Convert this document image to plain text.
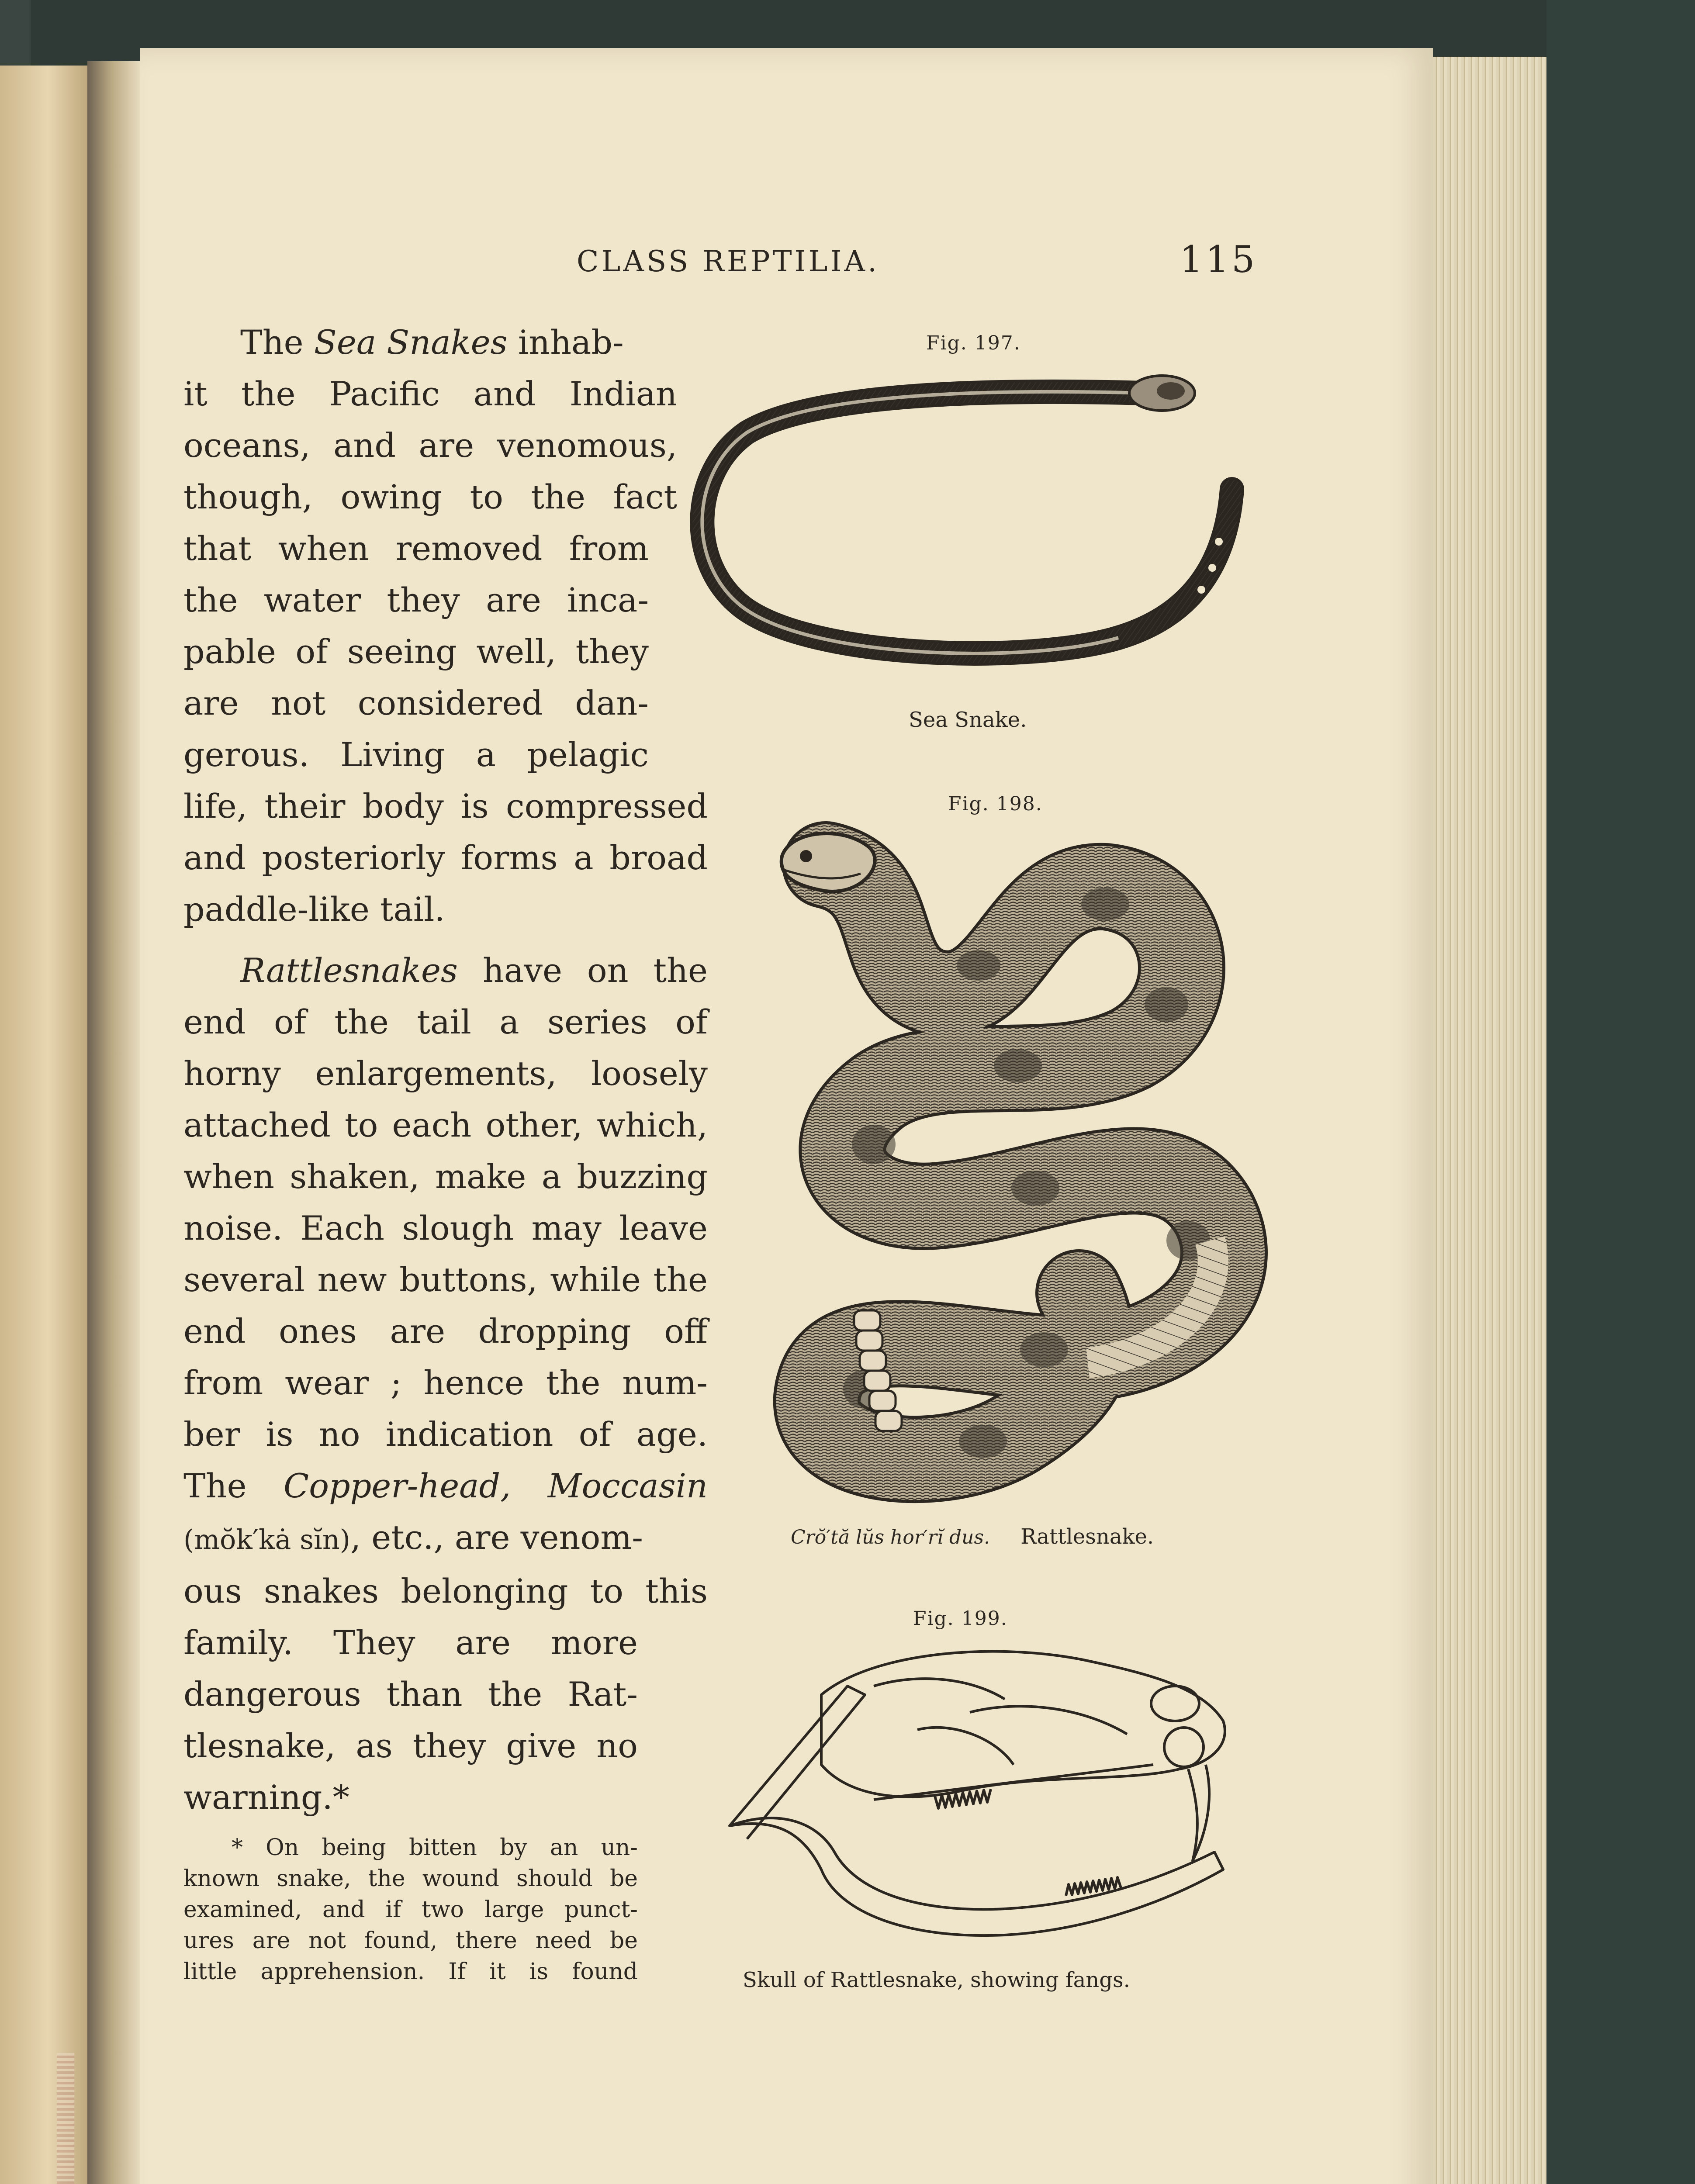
CLASS REPTILIA.	115
The Sea Snakes inhab-
it the Pacific and Indian
oceans, and are venomous,
though, owing to the fact
that when removed from
the water they are inca-
pable of seeing well, they
are not considered dan-
gerous. Living a pelagic
life, their body is compressed
and posteriorly forms a broad
paddle-like tail.
Rattlesnakes have on the
end of the tail a series of
horny enlargements, loosely
attached to each other, which,
when shaken, make a buzzing
noise. Each slough may leave
several new buttons, while the
end ones are dropping off
from wear ; hence the num-
ber is no indication of age.
The Copper-head, Moccasin
(mŏk′kȧ sĭn), etc., are venom-
ous snakes belonging to this
family. They are more
dangerous than the Rat-
tlesnake, as they give no
warning.*
* On being bitten by an un-
known snake, the wound should be
examined, and if two large punct-
ures are not found, there need be
little apprehension. If it is found
Fig. 197.
Sea Snake.
Fig. 198.
Crŏ′tă lŭs hor′rĭ dus. Rattlesnake.
Fig. 199.
Skull of Rattlesnake, showing fangs.
